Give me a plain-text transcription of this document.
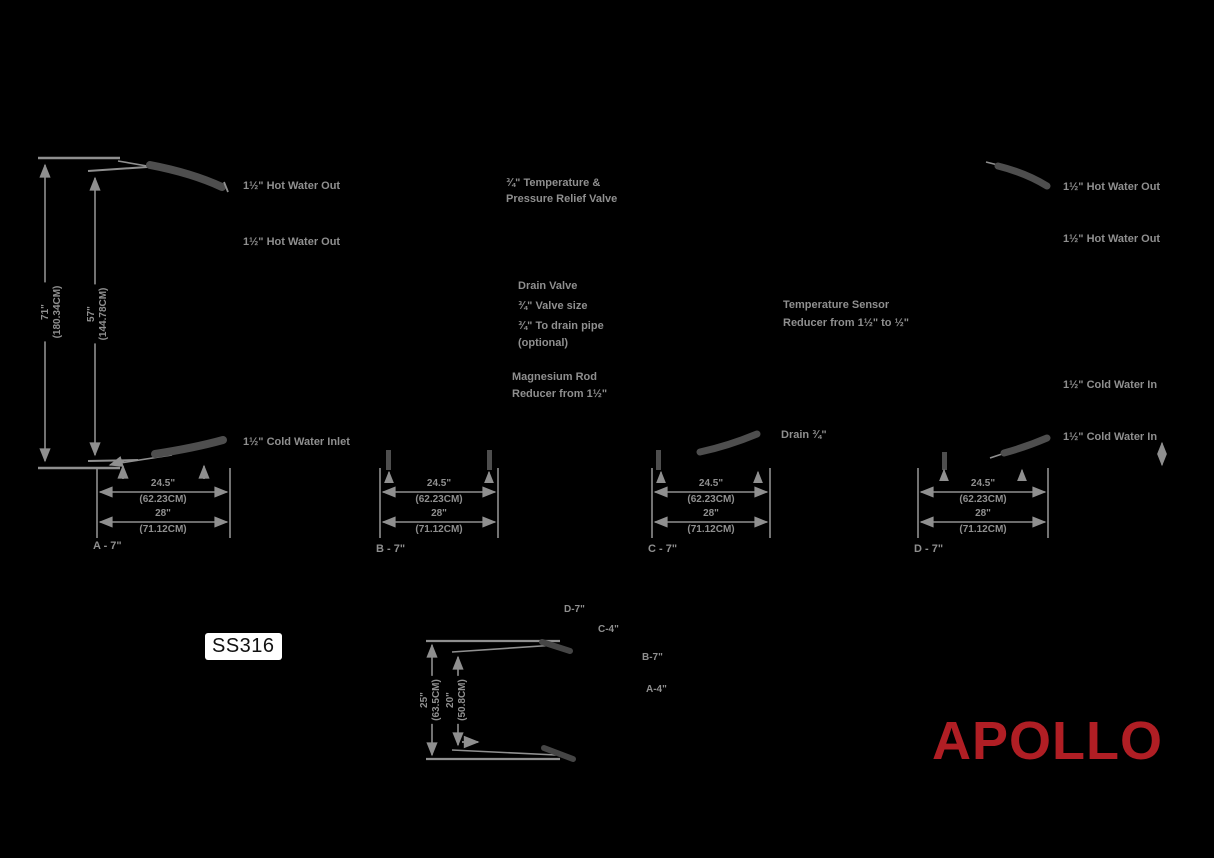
1½" Hot Water Out
1½" Hot Water Out
1½" Cold Water Inlet
71" (180.34CM) 57" (144.78CM)
¾" Temperature &
Pressure Relief Valve
Drain Valve
¾" Valve size
¾" To drain pipe
(optional)
Magnesium Rod
Reducer from 1½"
Drain ¾"
Temperature Sensor
Reducer from 1½" to ½"
1½" Hot Water Out
1½" Hot Water Out
1½" Cold Water In
1½" Cold Water In
24.5"
(62.23CM)
28"
(71.12CM)
A - 7"
24.5"
(62.23CM)
28"
(71.12CM)
B - 7"
24.5"
(62.23CM)
28"
(71.12CM)
C - 7"
24.5"
(62.23CM)
28"
(71.12CM)
D - 7"
25" (63.5CM) 20" (50.8CM)
D-7"
C-4"
B-7"
A-4"
SS316
APOLLO
